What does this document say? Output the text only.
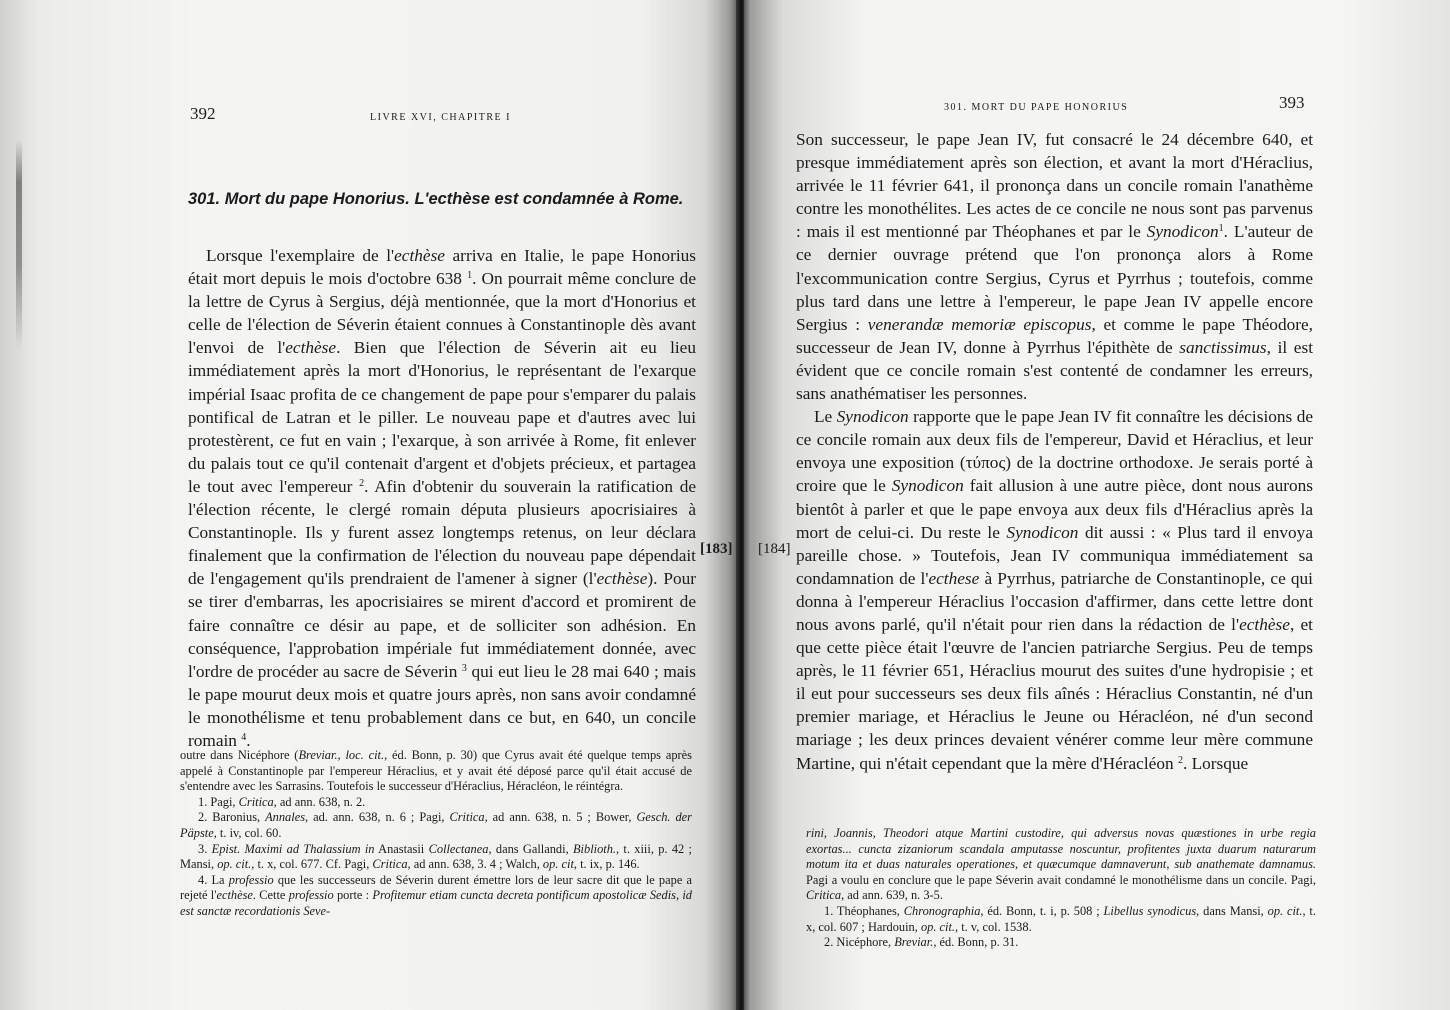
392	LIVRE XVI, CHAPITRE I
301. Mort du pape Honorius. L'ecthèse est condamnée à Rome.

Lorsque l'exemplaire de l'ecthèse arriva en Italie, le pape Honorius était mort depuis le mois d'octobre 638 $^1$. On pourrait même conclure de la lettre de Cyrus à Sergius, déjà mentionnée, que la mort d'Honorius et celle de l'élection de Séverin étaient connues à Constantinople dès avant l'envoi de l'ecthèse. Bien que l'élection de Séverin ait eu lieu immédiatement après la mort d'Honorius, le représentant de l'exarque impérial Isaac profita de ce changement de pape pour s'emparer du palais pontifical de Latran et le piller. Le nouveau pape et d'autres avec lui protestèrent, ce fut en vain ; l'exarque, à son arrivée à Rome, fit enlever du palais tout ce qu'il contenait d'argent et d'objets précieux, et partagea le tout avec l'empereur $^2$. Afin d'obtenir du souverain la ratification de l'élection récente, le clergé romain députa plusieurs apocrisiaires à Constantinople. Ils y furent assez longtemps retenus, on leur déclara finalement que la confirmation de l'élection du nouveau pape dépendait de l'engagement qu'ils prendraient de l'amener à signer (l'ecthèse). Pour se tirer d'embarras, les apocrisiaires se mirent d'accord et promirent de faire connaître ce désir au pape, et de solliciter son adhésion. En conséquence, l'approbation impériale fut immédiatement donnée, avec l'ordre de procéder au sacre de Séverin $^3$ qui eut lieu le 28 mai 640 ; mais le pape mourut deux mois et quatre jours après, non sans avoir condamné le monothélisme et tenu probablement dans ce but, en 640, un concile romain $^4$.

outre dans Nicéphore (Breviar., loc. cit., éd. Bonn, p. 30) que Cyrus avait été quelque temps après appelé à Constantinople par l'empereur Héraclius, et y avait été déposé parce qu'il était accusé de s'entendre avec les Sarrasins. Toutefois le successeur d'Héraclius, Héracléon, le réintégra.

1. Pagi, Critica, ad ann. 638, n. 2.

2. Baronius, Annales, ad. ann. 638, n. 6 ; Pagi, Critica, ad ann. 638, n. 5 ; Bower, Gesch. der Päpste, t. iv, col. 60.

3. Epist. Maximi ad Thalassium in Anastasii Collectanea, dans Gallandi, Biblioth., t. xiii, p. 42 ; Mansi, op. cit., t. x, col. 677. Cf. Pagi, Critica, ad ann. 638, 3. 4 ; Walch, op. cit, t. ix, p. 146.

4. La professio que les successeurs de Séverin durent émettre lors de leur sacre dit que le pape a rejeté l'ecthèse. Cette professio porte : Profitemur etiam cuncta decreta pontificum apostolicæ Sedis, id est sanctæ recordationis Seve-

[183]
301. MORT DU PAPE HONORIUS	393

Son successeur, le pape Jean IV, fut consacré le 24 décembre 640, et presque immédiatement après son élection, et avant la mort d'Héraclius, arrivée le 11 février 641, il prononça dans un concile romain l'anathème contre les monothélites. Les actes de ce concile ne nous sont pas parvenus : mais il est mentionné par Théophanes et par le Synodicon$^1$. L'auteur de ce dernier ouvrage prétend que l'on prononça alors à Rome l'excommunication contre Sergius, Cyrus et Pyrrhus ; toutefois, comme plus tard dans une lettre à l'empereur, le pape Jean IV appelle encore Sergius : venerandæ memoriæ episcopus, et comme le pape Théodore, successeur de Jean IV, donne à Pyrrhus l'épithète de sanctissimus, il est évident que ce concile romain s'est contenté de condamner les erreurs, sans anathématiser les personnes.

Le Synodicon rapporte que le pape Jean IV fit connaître les décisions de ce concile romain aux deux fils de l'empereur, David et Héraclius, et leur envoya une exposition (τύπος) de la doctrine orthodoxe. Je serais porté à croire que le Synodicon fait allusion à une autre pièce, dont nous aurons bientôt à parler et que le pape envoya aux deux fils d'Héraclius après la mort de celui-ci. Du reste le Synodicon dit aussi : « Plus tard il envoya pareille chose. » Toutefois, Jean IV communiqua immédiatement sa condamnation de l'ecthese à Pyrrhus, patriarche de Constantinople, ce qui donna à l'empereur Héraclius l'occasion d'affirmer, dans cette lettre dont nous avons parlé, qu'il n'était pour rien dans la rédaction de l'ecthèse, et que cette pièce était l'œuvre de l'ancien patriarche Sergius. Peu de temps après, le 11 février 651, Héraclius mourut des suites d'une hydropisie ; et il eut pour successeurs ses deux fils aînés : Héraclius Constantin, né d'un premier mariage, et Héraclius le Jeune ou Héracléon, né d'un second mariage ; les deux princes devaient vénérer comme leur mère commune Martine, qui n'était cependant que la mère d'Héracléon $^2$. Lorsque

rini, Joannis, Theodori atque Martini custodire, qui adversus novas quæstiones in urbe regia exortas... cuncta zizaniorum scandala amputasse noscuntur, profitentes juxta duarum naturarum motum ita et duas naturales operationes, et quæcumque damnaverunt, sub anathemate damnamus. Pagi a voulu en conclure que le pape Séverin avait condamné le monothélisme dans un concile. Pagi, Critica, ad ann. 639, n. 3-5.

1. Théophanes, Chronographia, éd. Bonn, t. i, p. 508 ; Libellus synodicus, dans Mansi, op. cit., t. x, col. 607 ; Hardouin, op. cit., t. v, col. 1538.

2. Nicéphore, Breviar., éd. Bonn, p. 31.

[184]
